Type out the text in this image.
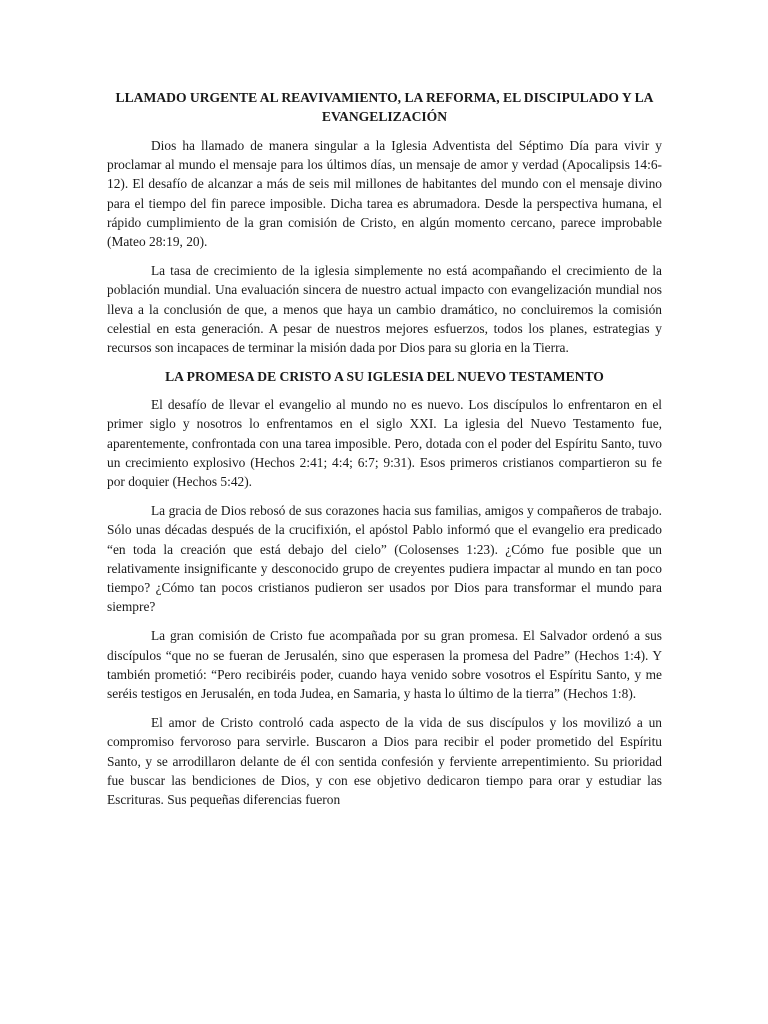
LLAMADO URGENTE AL REAVIVAMIENTO, LA REFORMA, EL DISCIPULADO Y LA EVANGELIZACIÓN

Dios ha llamado de manera singular a la Iglesia Adventista del Séptimo Día para vivir y proclamar al mundo el mensaje para los últimos días, un mensaje de amor y verdad (Apocalipsis 14:6-12). El desafío de alcanzar a más de seis mil millones de habitantes del mundo con el mensaje divino para el tiempo del fin parece imposible. Dicha tarea es abrumadora. Desde la perspectiva humana, el rápido cumplimiento de la gran comisión de Cristo, en algún momento cercano, parece improbable (Mateo 28:19, 20).

La tasa de crecimiento de la iglesia simplemente no está acompañando el crecimiento de la población mundial. Una evaluación sincera de nuestro actual impacto con evangelización mundial nos lleva a la conclusión de que, a menos que haya un cambio dramático, no concluiremos la comisión celestial en esta generación. A pesar de nuestros mejores esfuerzos, todos los planes, estrategias y recursos son incapaces de terminar la misión dada por Dios para su gloria en la Tierra.

LA PROMESA DE CRISTO A SU IGLESIA DEL NUEVO TESTAMENTO

El desafío de llevar el evangelio al mundo no es nuevo. Los discípulos lo enfrentaron en el primer siglo y nosotros lo enfrentamos en el siglo XXI. La iglesia del Nuevo Testamento fue, aparentemente, confrontada con una tarea imposible. Pero, dotada con el poder del Espíritu Santo, tuvo un crecimiento explosivo (Hechos 2:41; 4:4; 6:7; 9:31). Esos primeros cristianos compartieron su fe por doquier (Hechos 5:42).

La gracia de Dios rebosó de sus corazones hacia sus familias, amigos y compañeros de trabajo. Sólo unas décadas después de la crucifixión, el apóstol Pablo informó que el evangelio era predicado “en toda la creación que está debajo del cielo” (Colosenses 1:23). ¿Cómo fue posible que un relativamente insignificante y desconocido grupo de creyentes pudiera impactar al mundo en tan poco tiempo? ¿Cómo tan pocos cristianos pudieron ser usados por Dios para transformar el mundo para siempre?

La gran comisión de Cristo fue acompañada por su gran promesa. El Salvador ordenó a sus discípulos “que no se fueran de Jerusalén, sino que esperasen la promesa del Padre” (Hechos 1:4). Y también prometió: “Pero recibiréis poder, cuando haya venido sobre vosotros el Espíritu Santo, y me seréis testigos en Jerusalén, en toda Judea, en Samaria, y hasta lo último de la tierra” (Hechos 1:8).

El amor de Cristo controló cada aspecto de la vida de sus discípulos y los movilizó a un compromiso fervoroso para servirle. Buscaron a Dios para recibir el poder prometido del Espíritu Santo, y se arrodillaron delante de él con sentida confesión y ferviente arrepentimiento. Su prioridad fue buscar las bendiciones de Dios, y con ese objetivo dedicaron tiempo para orar y estudiar las Escrituras. Sus pequeñas diferencias fueron
